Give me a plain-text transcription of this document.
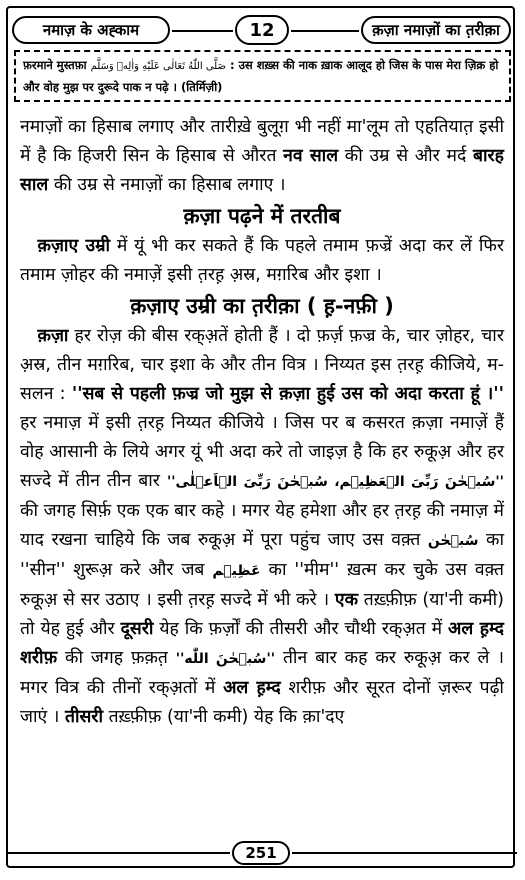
नमाज़ के अह्काम	12	क़ज़ा नमाज़ों का त़रीक़ा
फ़रमाने मुस्तफ़ा صَلَّى اللّٰهُ تَعَالٰی عَلَیْهِ وَاٰلِهٖ وَسَلَّم : उस शख़्स की नाक ख़ाक आलूद हो जिस के पास मेरा ज़िक्र हो और वोह मुझ पर दुरूदे पाक न पढ़े । (तिर्मिज़ी)

नमाज़ों का हिसाब लगाए और तारीख़े बुलूग़ भी नहीं मा'लूम तो एहतियात़ इसी में है कि हिजरी सिन के हिसाब से औरत नव साल की उम्र से और मर्द बारह साल की उम्र से नमाज़ों का हिसाब लगाए ।

क़ज़ा पढ़ने में तरतीब

 क़ज़ाए उम्री में यूं भी कर सकते हैं कि पहले तमाम फ़ज्रें अदा कर लें फिर तमाम ज़ोहर की नमाज़ें इसी त़रह़ अ़स्र, मग़रिब और इशा ।

क़ज़ाए उम्री का त़रीक़ा ( ह़-नफ़ी )

 क़ज़ा हर रोज़ की बीस रक्अ़तें होती हैं । दो फ़र्ज़ फ़ज्र के, चार ज़ोहर, चार अ़स्र, तीन मग़रिब, चार इशा के और तीन वित्र । निय्यत इस त़रह़ कीजिये, म-सलन : ''सब से पहली फ़ज्र जो मुझ से क़ज़ा हुई उस को अदा करता हूं ।'' हर नमाज़ में इसी त़रह़ निय्यत कीजिये । जिस पर ब कसरत क़ज़ा नमाज़ें हैं वोह आसानी के लिये अगर यूं भी अदा करे तो जाइज़ है कि हर रुकूअ़ और हर सज्दे में तीन तीन बार ''سُبۡحٰنَ رَبِّیَ الۡعَظِیۡم، سُبۡحٰنَ رَبِّیَ الۡاَعۡلٰی'' की जगह सिर्फ़ एक एक बार कहे । मगर येह हमेशा और हर त़रह़ की नमाज़ में याद रखना चाहिये कि जब रुकूअ़ में पूरा पहुंच जाए उस वक़्त سُبۡحٰن का ''सीन'' शुरूअ़ करे और जब عَظِیۡم का ''मीम'' ख़त्म कर चुके उस वक़्त रुकूअ़ से सर उठाए । इसी त़रह़ सज्दे में भी करे । एक तख़्फ़ीफ़ (या'नी कमी) तो येह हुई और दूसरी येह कि फ़र्ज़ों की तीसरी और चौथी रक्अ़त में अल ह़म्द शरीफ़ की जगह फ़क़त़ ''سُبۡحٰنَ اللّٰه'' तीन बार कह कर रुकूअ़ कर ले । मगर वित्र की तीनों रक्अ़तों में अल ह़म्द शरीफ़ और सूरत दोनों ज़रूर पढ़ी जाएं । तीसरी तख़्फ़ीफ़ (या'नी कमी) येह कि क़ा'दए

251
